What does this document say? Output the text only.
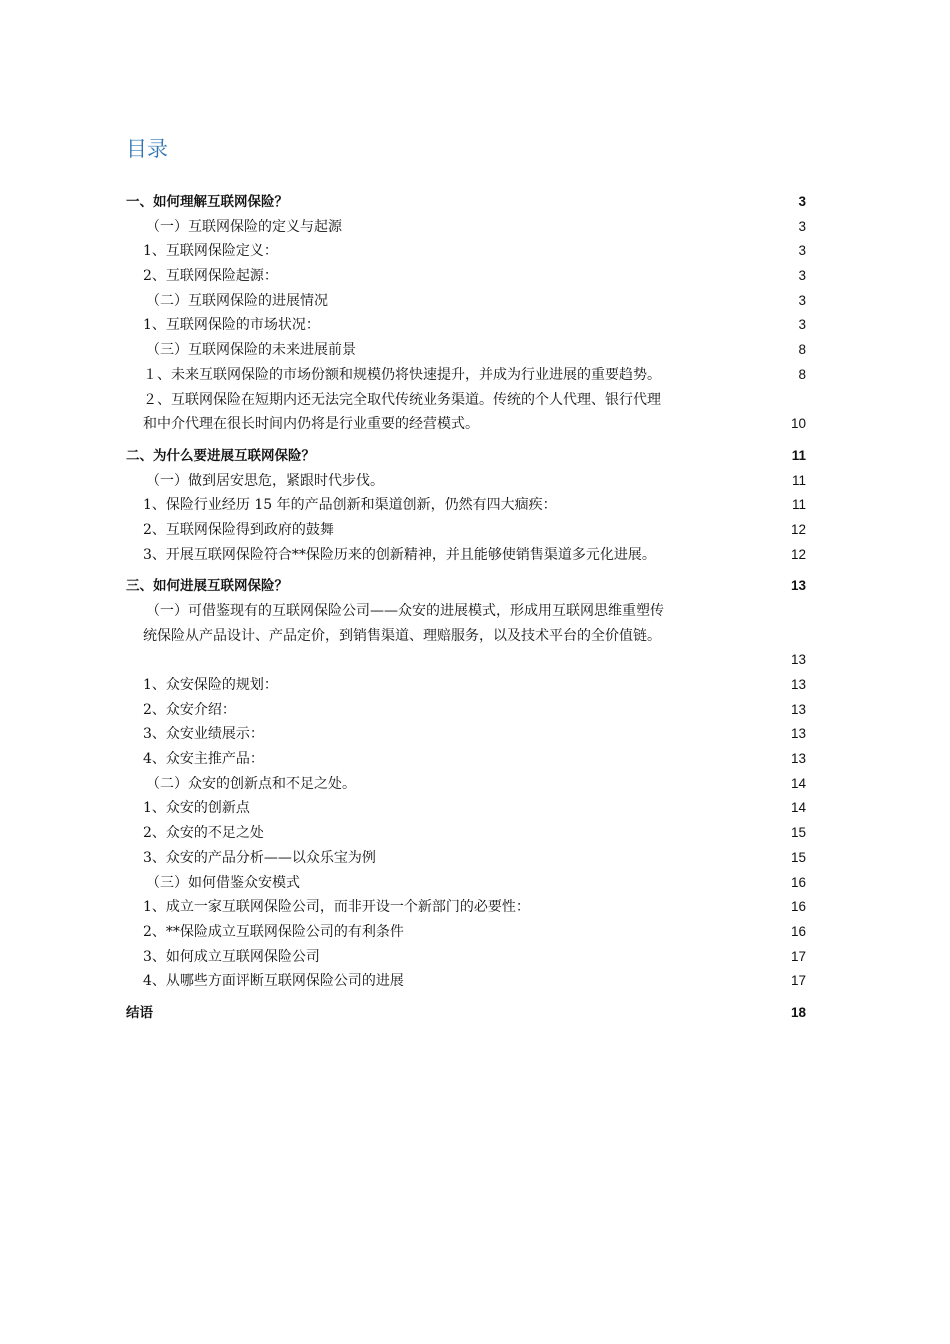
目录
一、如何理解互联网保险？	3
（一）互联网保险的定义与起源	3
1、互联网保险定义：	3
2、互联网保险起源：	3
（二）互联网保险的进展情况	3
1、互联网保险的市场状况：	3
（三）互联网保险的未来进展前景	8
１、未来互联网保险的市场份额和规模仍将快速提升，并成为行业进展的重要趋势。	8
２、互联网保险在短期内还无法完全取代传统业务渠道。传统的个人代理、银行代理
和中介代理在很长时间内仍将是行业重要的经营模式。	10
二、为什么要进展互联网保险？	11
（一）做到居安思危，紧跟时代步伐。	11
1、保险行业经历 15 年的产品创新和渠道创新，仍然有四大痼疾：	11
2、互联网保险得到政府的鼓舞	12
3、开展互联网保险符合**保险历来的创新精神，并且能够使销售渠道多元化进展。	12
三、如何进展互联网保险？	13
（一）可借鉴现有的互联网保险公司——众安的进展模式，形成用互联网思维重塑传
统保险从产品设计、产品定价，到销售渠道、理赔服务，以及技术平台的全价值链。
13
1、众安保险的规划：	13
2、众安介绍：	13
3、众安业绩展示：	13
4、众安主推产品：	13
（二）众安的创新点和不足之处。	14
1、众安的创新点	14
2、众安的不足之处	15
3、众安的产品分析——以众乐宝为例	15
（三）如何借鉴众安模式	16
1、成立一家互联网保险公司，而非开设一个新部门的必要性：	16
2、**保险成立互联网保险公司的有利条件	16
3、如何成立互联网保险公司	17
4、从哪些方面评断互联网保险公司的进展	17
结语	18
